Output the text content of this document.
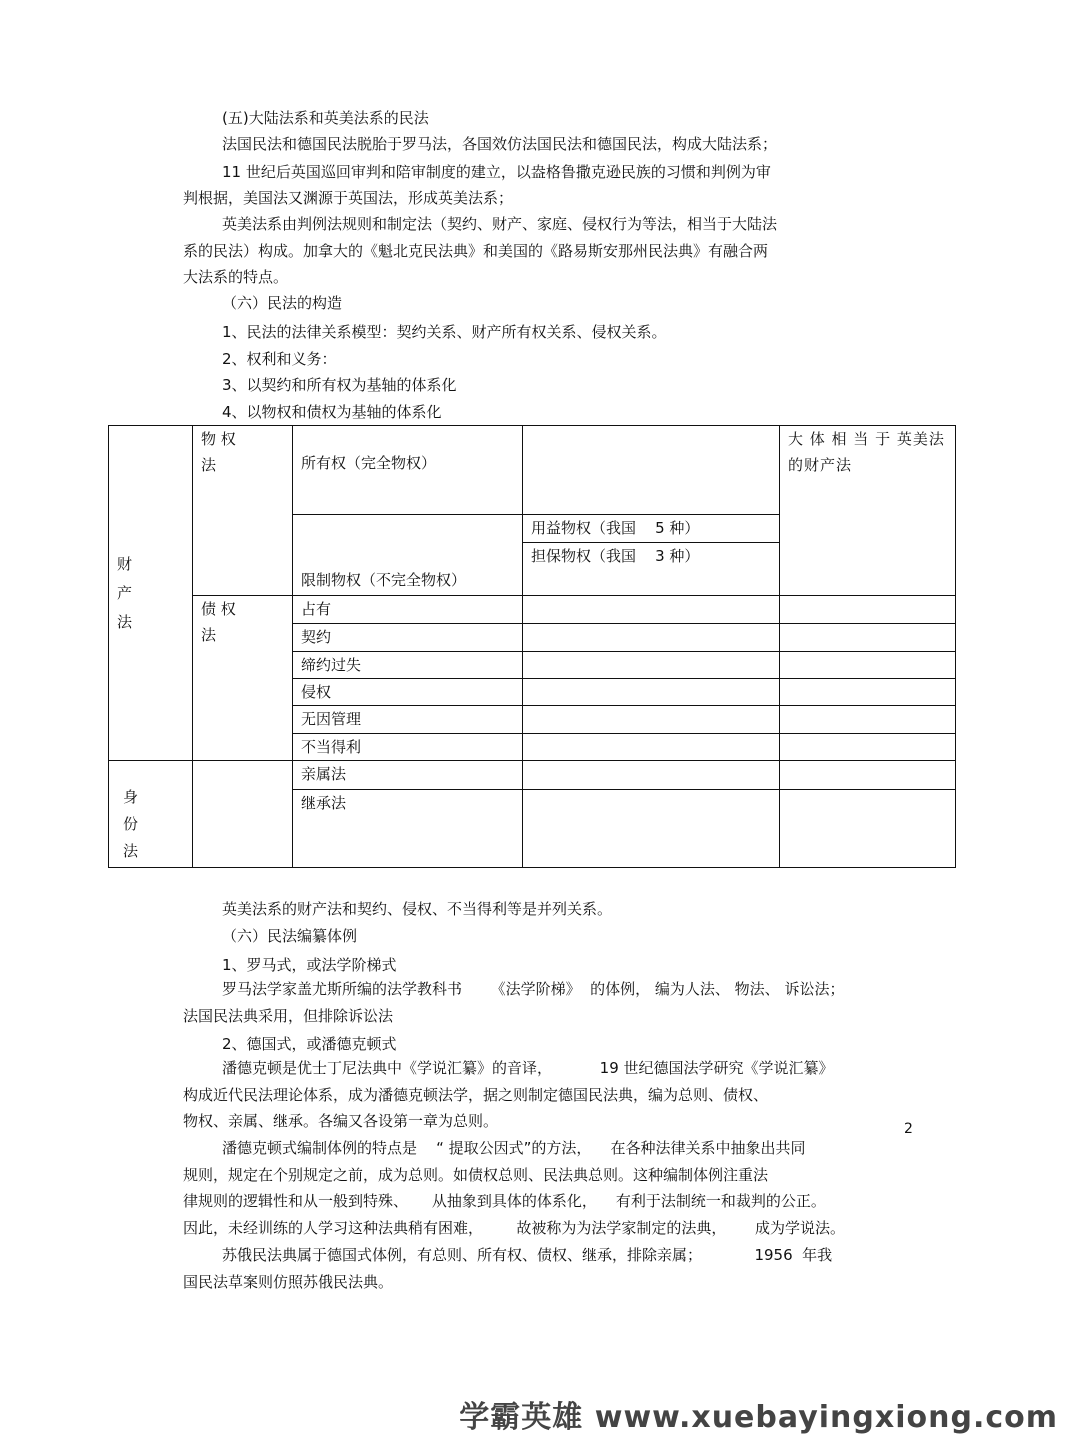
(五)大陆法系和英美法系的民法
法国民法和德国民法脱胎于罗马法，各国效仿法国民法和德国民法，构成大陆法系；
11 世纪后英国巡回审判和陪审制度的建立，以盎格鲁撒克逊民族的习惯和判例为审
判根据，美国法又渊源于英国法，形成英美法系；
英美法系由判例法规则和制定法（契约、财产、家庭、侵权行为等法，相当于大陆法
系的民法）构成。加拿大的《魁北克民法典》和美国的《路易斯安那州民法典》有融合两
大法系的特点。
（六）民法的构造
1、民法的法律关系模型：契约关系、财产所有权关系、侵权关系。
2、权利和义务：
3、以契约和所有权为基轴的体系化
4、以物权和债权为基轴的体系化
财产法	物 权法	所有权（完全物权）		大 体 相 当 于 英美法的财产法

		限制物权（不完全物权）	用益物权（我国    5 种）	
			担保物权（我国    3 种）	

	债 权法	占有		
		契约		
		缔约过失		
		侵权		
		无因管理		
		不当得利		

身份法		亲属法		
		继承法		
英美法系的财产法和契约、侵权、不当得利等是并列关系。
（六）民法编纂体例
1、罗马式，或法学阶梯式
罗马法学家盖尤斯所编的法学教科书      《法学阶梯》  的体例， 编为人法、 物法、 诉讼法；
法国民法典采用，但排除诉讼法
2、德国式，或潘德克顿式
潘德克顿是优士丁尼法典中《学说汇纂》的音译，          19 世纪德国法学研究《学说汇纂》
构成近代民法理论体系，成为潘德克顿法学，据之则制定德国民法典，编为总则、债权、
物权、亲属、继承。各编又各设第一章为总则。
潘德克顿式编制体例的特点是    “ 提取公因式”的方法，    在各种法律关系中抽象出共同
规则，规定在个别规定之前，成为总则。如债权总则、民法典总则。这种编制体例注重法
律规则的逻辑性和从一般到特殊、     从抽象到具体的体系化，    有利于法制统一和裁判的公正。
因此，未经训练的人学习这种法典稍有困难，       故被称为为法学家制定的法典，      成为学说法。
苏俄民法典属于德国式体例，有总则、所有权、债权、继承，排除亲属；           1956  年我
国民法草案则仿照苏俄民法典。
2
学霸英雄 www.xuebayingxiong.com
